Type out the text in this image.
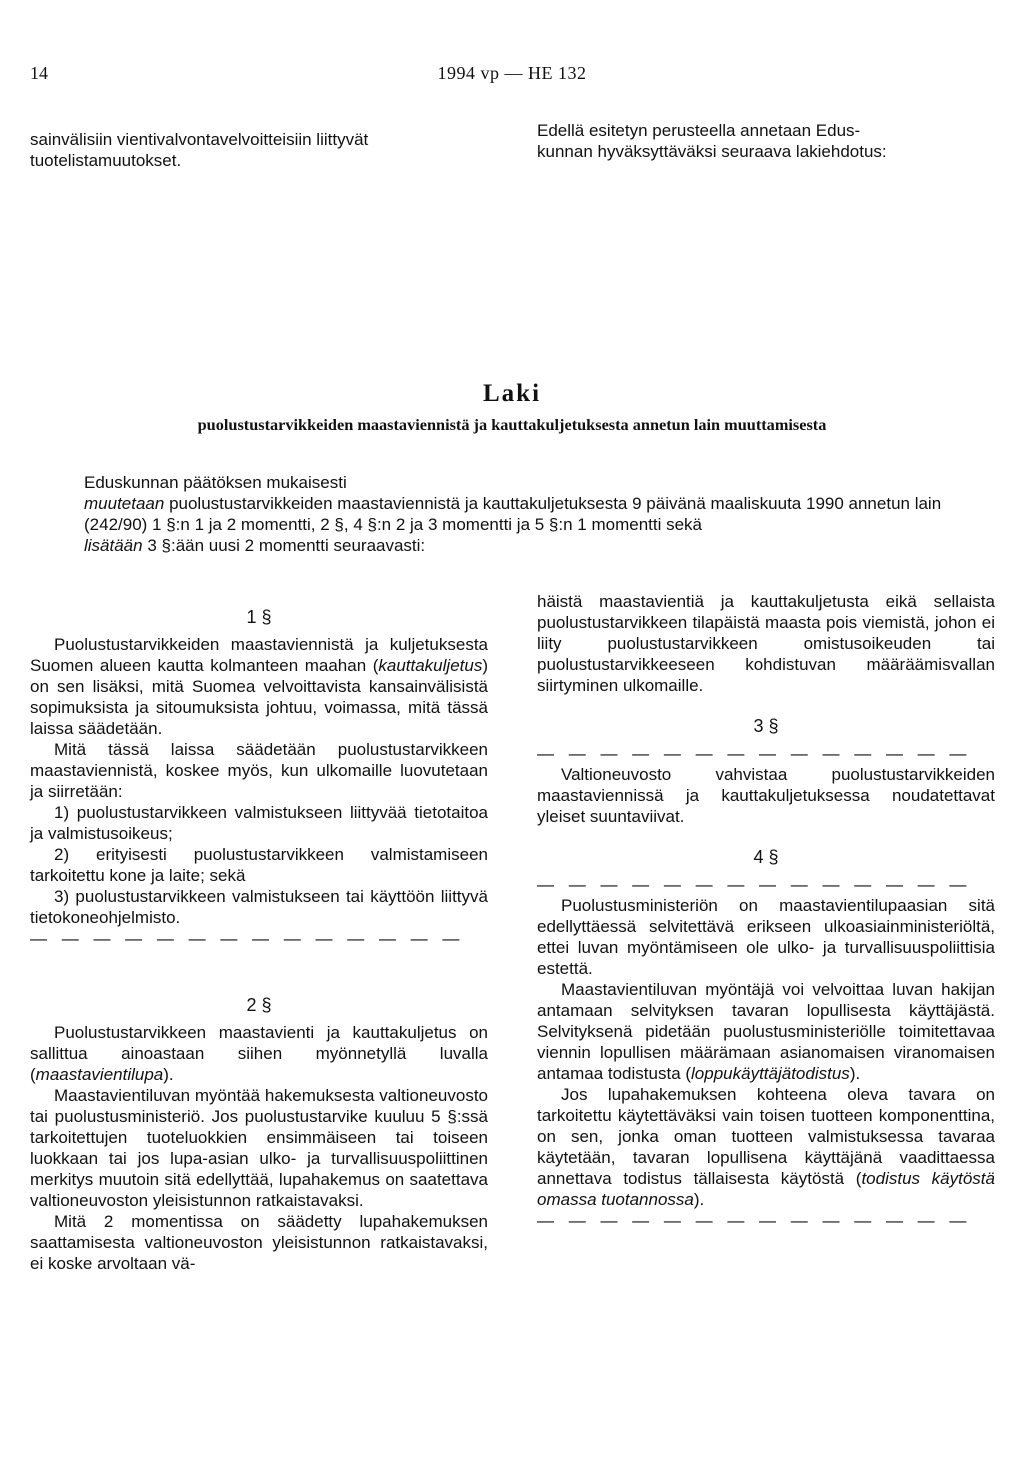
14	1994 vp — HE 132
sainvälisiin vientivalvontavelvoitteisiin liittyvät
tuotelistamuutokset.
Edellä esitetyn perusteella annetaan Edus-
kunnan hyväksyttäväksi seuraava lakiehdotus:
Laki
puolustustarvikkeiden maastaviennistä ja kauttakuljetuksesta annetun lain muuttamisesta

Eduskunnan päätöksen mukaisesti

muutetaan puolustustarvikkeiden maastaviennistä ja kauttakuljetuksesta 9 päivänä maaliskuuta 1990 annetun lain (242/90) 1 §:n 1 ja 2 momentti, 2 §, 4 §:n 2 ja 3 momentti ja 5 §:n 1 momentti sekä

lisätään 3 §:ään uusi 2 momentti seuraavasti:

1 §

Puolustustarvikkeiden maastaviennistä ja kuljetuksesta Suomen alueen kautta kolmanteen maahan (kauttakuljetus) on sen lisäksi, mitä Suomea velvoittavista kansainvälisistä sopimuksista ja sitoumuksista johtuu, voimassa, mitä tässä laissa säädetään.

Mitä tässä laissa säädetään puolustustarvikkeen maastaviennistä, koskee myös, kun ulkomaille luovutetaan ja siirretään:

1) puolustustarvikkeen valmistukseen liittyvää tietotaitoa ja valmistusoikeus;

2) erityisesti puolustustarvikkeen valmistamiseen tarkoitettu kone ja laite; sekä

3) puolustustarvikkeen valmistukseen tai käyttöön liittyvä tietokoneohjelmisto.

— — — — — — — — — — — — — —
2 §

Puolustustarvikkeen maastavienti ja kauttakuljetus on sallittua ainoastaan siihen myönnetyllä luvalla (maastavientilupa).

Maastavientiluvan myöntää hakemuksesta valtioneuvosto tai puolustusministeriö. Jos puolustustarvike kuuluu 5 §:ssä tarkoitettujen tuoteluokkien ensimmäiseen tai toiseen luokkaan tai jos lupa-asian ulko- ja turvallisuuspoliittinen merkitys muutoin sitä edellyttää, lupahakemus on saatettava valtioneuvoston yleisistunnon ratkaistavaksi.

Mitä 2 momentissa on säädetty lupahakemuksen saattamisesta valtioneuvoston yleisistunnon ratkaistavaksi, ei koske arvoltaan vä-

häistä maastavientiä ja kauttakuljetusta eikä sellaista puolustustarvikkeen tilapäistä maasta pois viemistä, johon ei liity puolustustarvikkeen omistusoikeuden tai puolustustarvikkeeseen kohdistuvan määräämisvallan siirtyminen ulkomaille.

3 §
— — — — — — — — — — — — — —

Valtioneuvosto vahvistaa puolustustarvikkeiden maastaviennissä ja kauttakuljetuksessa noudatettavat yleiset suuntaviivat.

4 §
— — — — — — — — — — — — — —

Puolustusministeriön on maastavientilupaasian sitä edellyttäessä selvitettävä erikseen ulkoasiainministeriöltä, ettei luvan myöntämiseen ole ulko- ja turvallisuuspoliittisia estettä.

Maastavientiluvan myöntäjä voi velvoittaa luvan hakijan antamaan selvityksen tavaran lopullisesta käyttäjästä. Selvityksenä pidetään puolustusministeriölle toimitettavaa viennin lopullisen määrämaan asianomaisen viranomaisen antamaa todistusta (loppukäyttäjätodistus).

Jos lupahakemuksen kohteena oleva tavara on tarkoitettu käytettäväksi vain toisen tuotteen komponenttina, on sen, jonka oman tuotteen valmistuksessa tavaraa käytetään, tavaran lopullisena käyttäjänä vaadittaessa annettava todistus tällaisesta käytöstä (todistus käytöstä omassa tuotannossa).

— — — — — — — — — — — — — —
